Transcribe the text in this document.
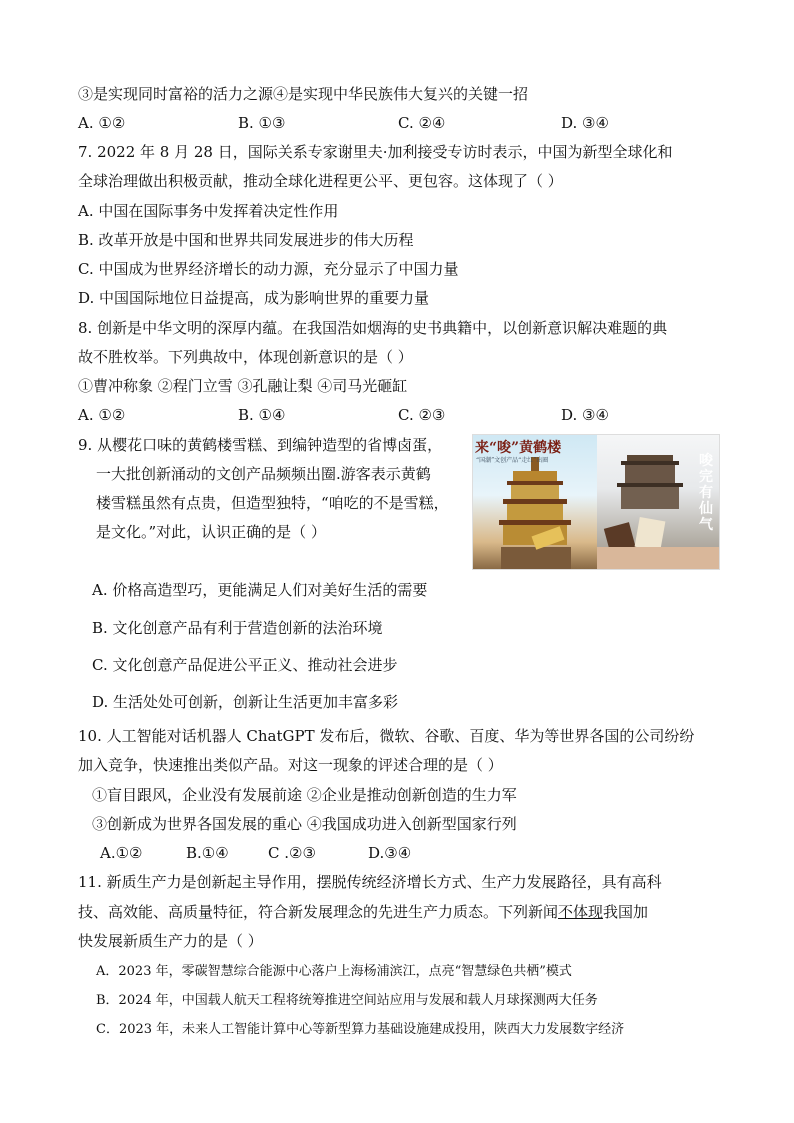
③是实现同时富裕的活力之源④是实现中华民族伟大复兴的关键一招
A. ①②	B. ①③	C. ②④	D. ③④
7. 2022 年 8 月 28 日，国际关系专家谢里夫·加利接受专访时表示，中国为新型全球化和
全球治理做出积极贡献，推动全球化进程更公平、更包容。这体现了（ ）
A. 中国在国际事务中发挥着决定性作用
B. 改革开放是中国和世界共同发展进步的伟大历程
C. 中国成为世界经济增长的动力源，充分显示了中国力量
D. 中国国际地位日益提高，成为影响世界的重要力量
8. 创新是中华文明的深厚内蕴。在我国浩如烟海的史书典籍中，以创新意识解决难题的典
故不胜枚举。下列典故中，体现创新意识的是（ ）
①曹冲称象 ②程门立雪 ③孔融让梨 ④司马光砸缸
A. ①②	B. ①④	C. ②③	D. ③④
9. 从樱花口味的黄鹤楼雪糕、到编钟造型的省博卤蛋，
一大批创新涌动的文创产品频频出圈.游客表示黄鹤
楼雪糕虽然有点贵，但造型独特，“咱吃的不是雪糕，
是文化。”对此，认识正确的是（ ）
来“唆”黄鹤楼
“国潮”文创产品“走红”出圈	唆完有仙气
A. 价格高造型巧，更能满足人们对美好生活的需要
B. 文化创意产品有利于营造创新的法治环境
C. 文化创意产品促进公平正义、推动社会进步
D. 生活处处可创新，创新让生活更加丰富多彩
10. 人工智能对话机器人 ChatGPT 发布后，微软、谷歌、百度、华为等世界各国的公司纷纷
加入竞争，快速推出类似产品。对这一现象的评述合理的是（ ）
①盲目跟风，企业没有发展前途 ②企业是推动创新创造的生力军
③创新成为世界各国发展的重心 ④我国成功进入创新型国家行列
A.①②	B.①④	C .②③	D.③④
11. 新质生产力是创新起主导作用，摆脱传统经济增长方式、生产力发展路径，具有高科
技、高效能、高质量特征，符合新发展理念的先进生产力质态。下列新闻不体现我国加
快发展新质生产力的是（ ）
A．2023 年，零碳智慧综合能源中心落户上海杨浦滨江，点亮“智慧绿色共栖”模式
B．2024 年，中国载人航天工程将统筹推进空间站应用与发展和载人月球探测两大任务
C．2023 年，未来人工智能计算中心等新型算力基础设施建成投用，陕西大力发展数字经济
